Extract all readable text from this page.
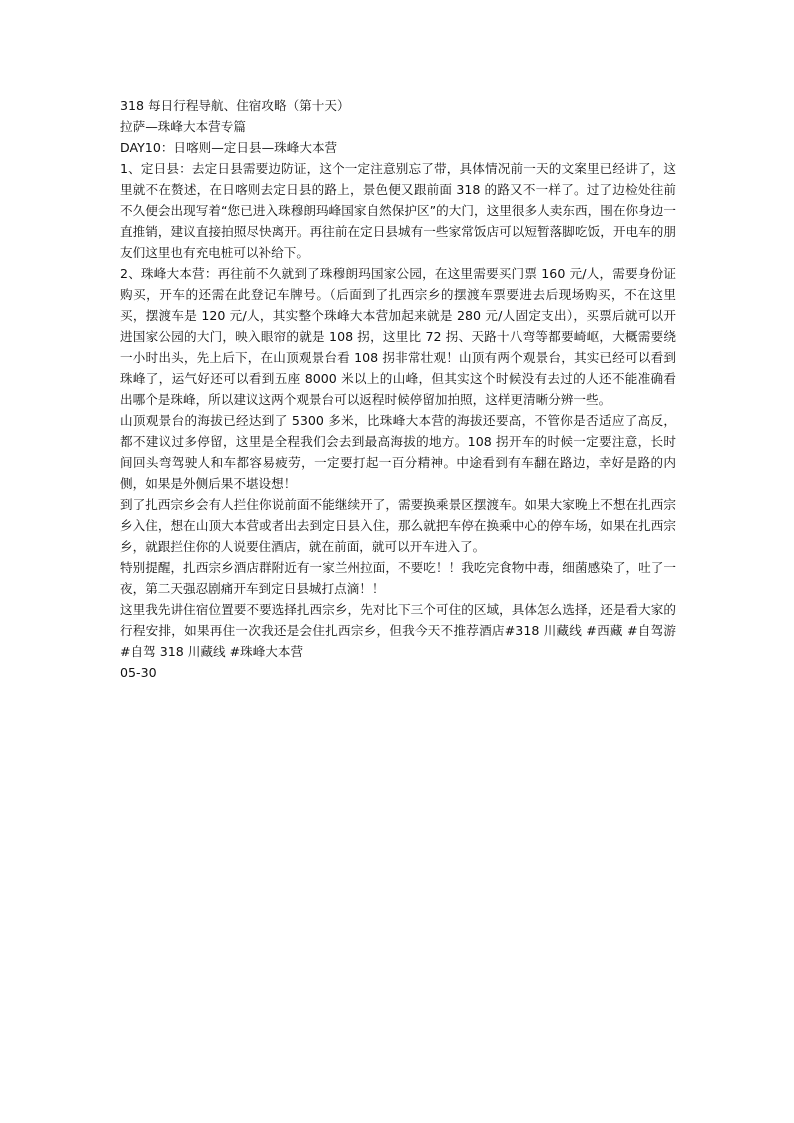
318 每日行程导航、住宿攻略（第十天）

拉萨—珠峰大本营专篇

DAY10：日喀则—定日县—珠峰大本营

1、定日县：去定日县需要边防证，这个一定注意别忘了带，具体情况前一天的文案里已经讲了，这里就不在赘述，在日喀则去定日县的路上，景色便又跟前面 318 的路又不一样了。过了边检处往前不久便会出现写着“您已进入珠穆朗玛峰国家自然保护区”的大门，这里很多人卖东西，围在你身边一直推销，建议直接拍照尽快离开。再往前在定日县城有一些家常饭店可以短暂落脚吃饭，开电车的朋友们这里也有充电桩可以补给下。

2、珠峰大本营：再往前不久就到了珠穆朗玛国家公园，在这里需要买门票 160 元/人，需要身份证购买，开车的还需在此登记车牌号。（后面到了扎西宗乡的摆渡车票要进去后现场购买，不在这里买，摆渡车是 120 元/人，其实整个珠峰大本营加起来就是 280 元/人固定支出），买票后就可以开进国家公园的大门，映入眼帘的就是 108 拐，这里比 72 拐、天路十八弯等都要崎岖，大概需要绕一小时出头，先上后下，在山顶观景台看 108 拐非常壮观！山顶有两个观景台，其实已经可以看到珠峰了，运气好还可以看到五座 8000 米以上的山峰，但其实这个时候没有去过的人还不能准确看出哪个是珠峰，所以建议这两个观景台可以返程时候停留加拍照，这样更清晰分辨一些。

山顶观景台的海拔已经达到了 5300 多米，比珠峰大本营的海拔还要高，不管你是否适应了高反，都不建议过多停留，这里是全程我们会去到最高海拔的地方。108 拐开车的时候一定要注意，长时间回头弯驾驶人和车都容易疲劳，一定要打起一百分精神。中途看到有车翻在路边，幸好是路的内侧，如果是外侧后果不堪设想！

到了扎西宗乡会有人拦住你说前面不能继续开了，需要换乘景区摆渡车。如果大家晚上不想在扎西宗乡入住，想在山顶大本营或者出去到定日县入住，那么就把车停在换乘中心的停车场，如果在扎西宗乡，就跟拦住你的人说要住酒店，就在前面，就可以开车进入了。

特别提醒，扎西宗乡酒店群附近有一家兰州拉面，不要吃！！我吃完食物中毒，细菌感染了，吐了一夜，第二天强忍剧痛开车到定日县城打点滴！！

这里我先讲住宿位置要不要选择扎西宗乡，先对比下三个可住的区域，具体怎么选择，还是看大家的行程安排，如果再住一次我还是会住扎西宗乡，但我今天不推荐酒店#318 川藏线 #西藏 #自驾游 #自驾 318 川藏线 #珠峰大本营

05-30
